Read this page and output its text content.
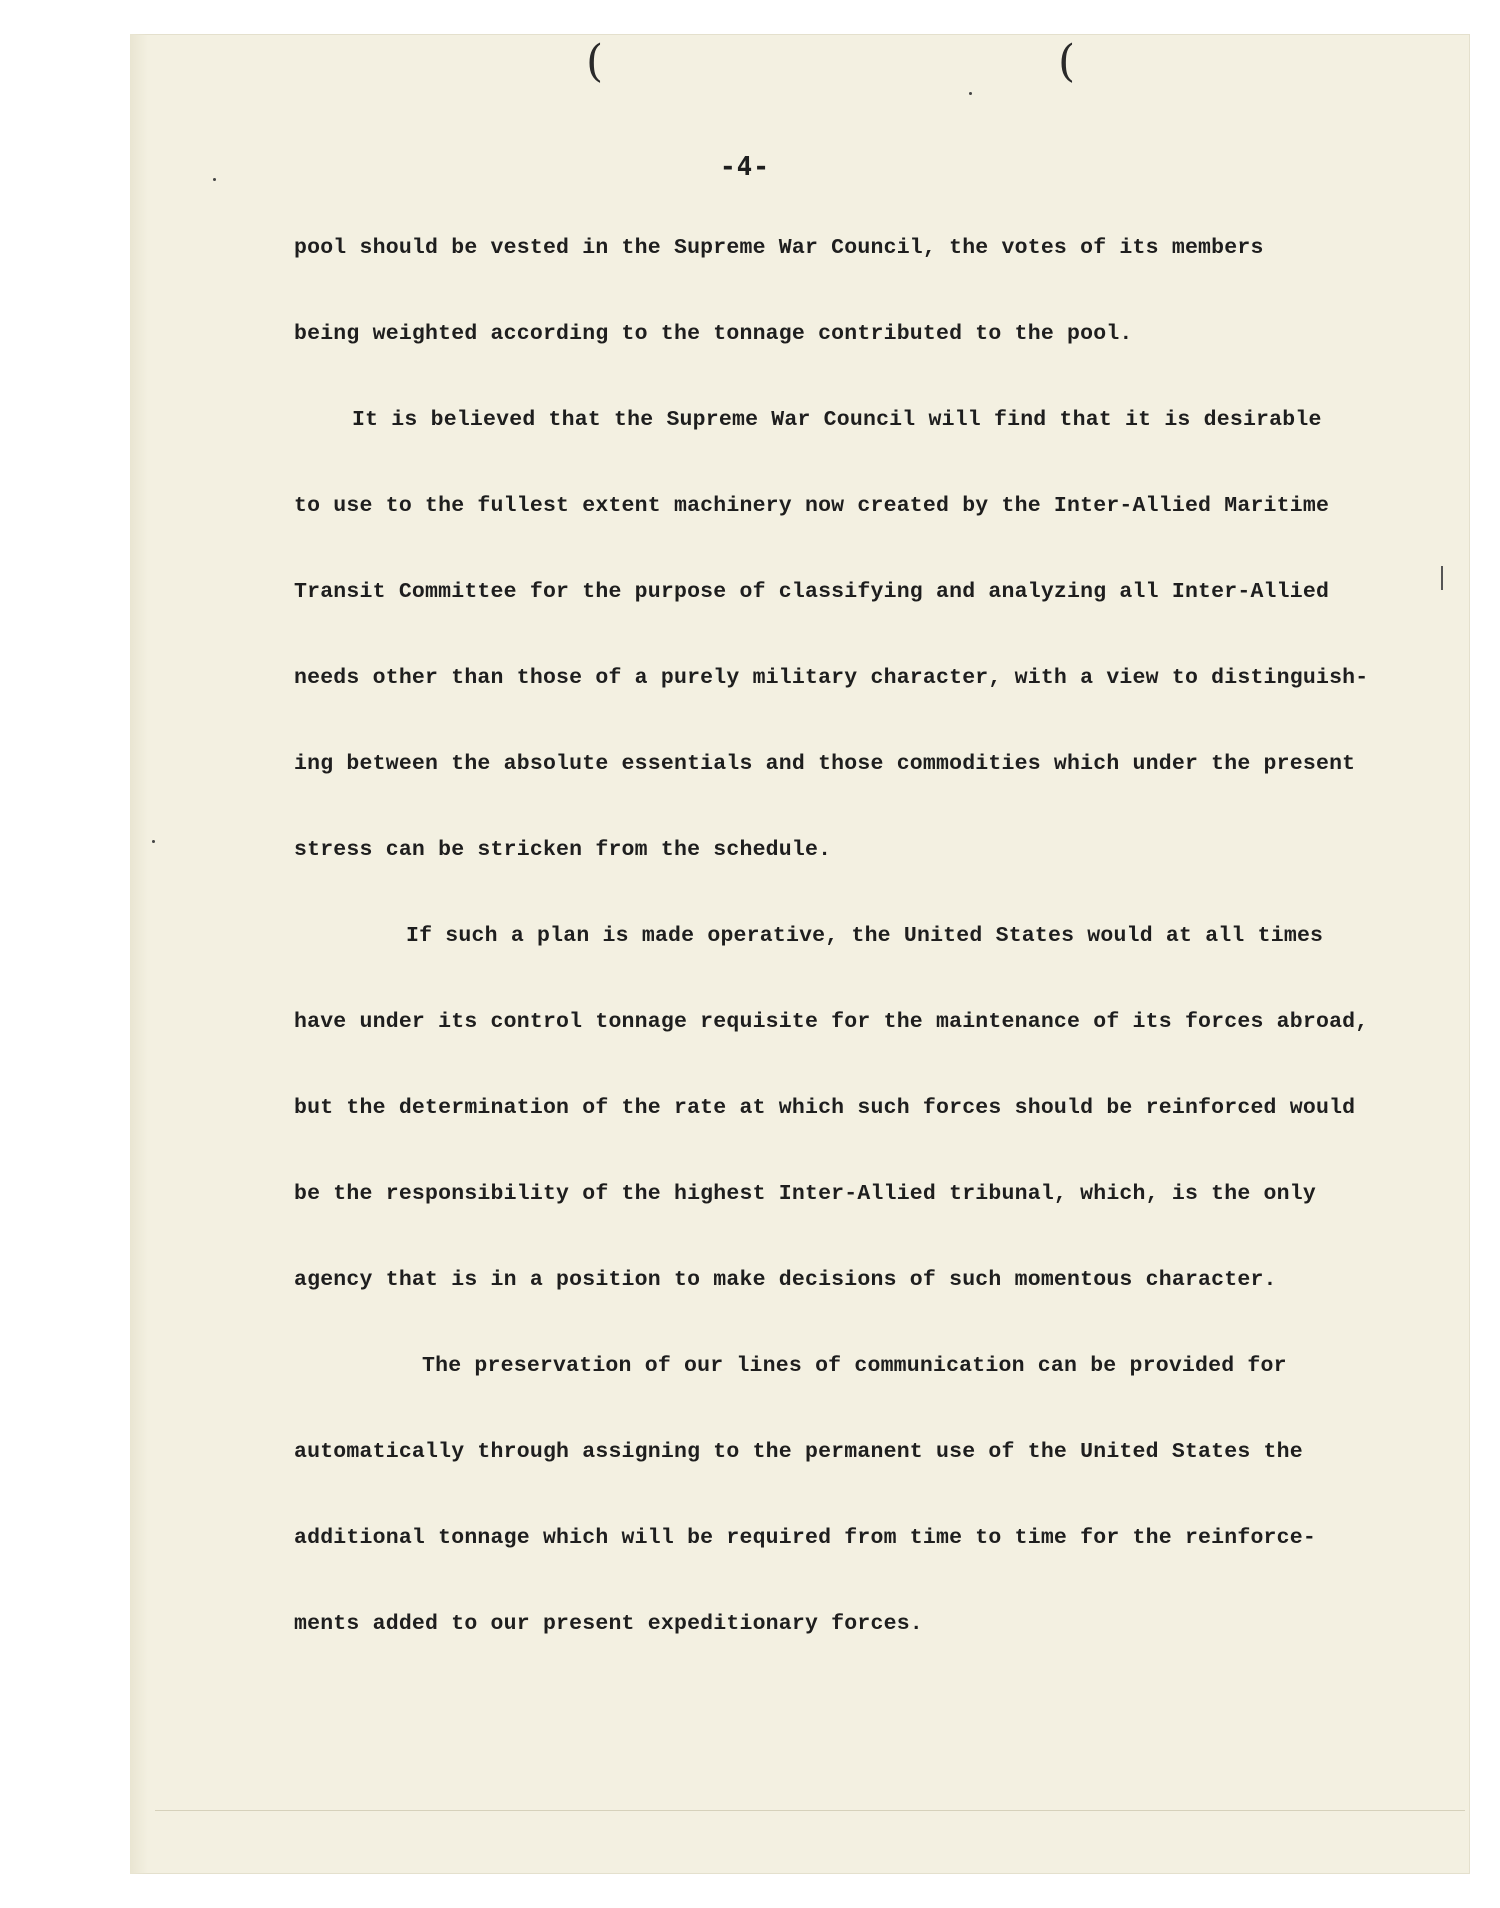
(	(
-4-
pool should be vested in the Supreme War Council, the votes of its members
being weighted according to the tonnage contributed to the pool.
It is believed that the Supreme War Council will find that it is desirable
to use to the fullest extent machinery now created by the Inter-Allied Maritime
Transit Committee for the purpose of classifying and analyzing all Inter-Allied
needs other than those of a purely military character, with a view to distinguish-
ing between the absolute essentials and those commodities which under the present
stress can be stricken from the schedule.
If such a plan is made operative, the United States would at all times
have under its control tonnage requisite for the maintenance of its forces abroad,
but the determination of the rate at which such forces should be reinforced would
be the responsibility of the highest Inter-Allied tribunal, which, is the only
agency that is in a position to make decisions of such momentous character.
The preservation of our lines of communication can be provided for
automatically through assigning to the permanent use of the United States the
additional tonnage which will be required from time to time for the reinforce-
ments added to our present expeditionary forces.
